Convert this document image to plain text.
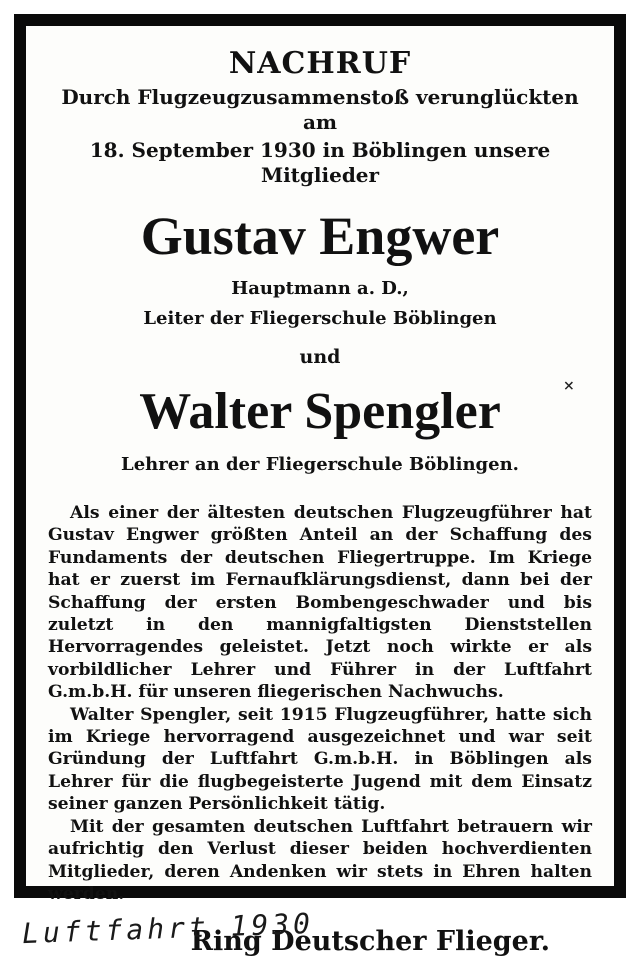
NACHRUF
Durch Flugzeugzusammenstoß verunglückten am
18. September 1930 in Böblingen unsere Mitglieder
Gustav Engwer
Hauptmann a. D.,
Leiter der Fliegerschule Böblingen
und
Walter Spengler
Lehrer an der Fliegerschule Böblingen.

Als einer der ältesten deutschen Flugzeugführer hat Gustav Engwer größten Anteil an der Schaffung des Fundaments der deutschen Fliegertruppe. Im Kriege hat er zuerst im Fernaufklärungsdienst, dann bei der Schaffung der ersten Bombengeschwader und bis zuletzt in den mannigfaltigsten Dienststellen Hervorragendes geleistet. Jetzt noch wirkte er als vorbildlicher Lehrer und Führer in der Luftfahrt G.m.b.H. für unseren fliegerischen Nachwuchs.

Walter Spengler, seit 1915 Flugzeugführer, hatte sich im Kriege hervorragend ausgezeichnet und war seit Gründung der Luftfahrt G.m.b.H. in Böblingen als Lehrer für die flugbegeisterte Jugend mit dem Einsatz seiner ganzen Persönlichkeit tätig.

Mit der gesamten deutschen Luftfahrt betrauern wir aufrichtig den Verlust dieser beiden hochverdienten Mitglieder, deren Andenken wir stets in Ehren halten werden.

Ring Deutscher Flieger.
×
Luftfahrt 1930
